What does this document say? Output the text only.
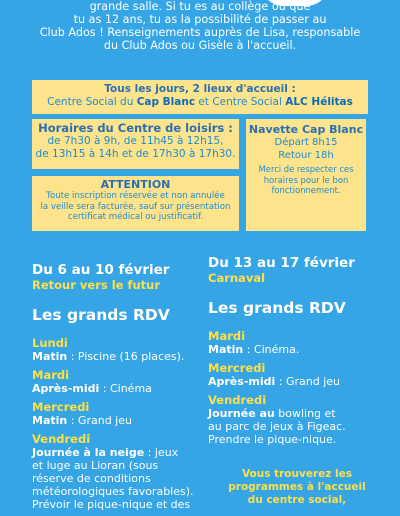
grande salle. Si tu es au collège ou que
tu as 12 ans, tu as la possibilité de passer au
Club Ados ! Renseignements auprès de Lisa, responsable
du Club Ados ou Gisèle à l'accueil.
Tous les jours, 2 lieux d'accueil :
Centre Social du Cap Blanc et Centre Social ALC Hélitas
Horaires du Centre de loisirs :
de 7h30 à 9h, de 11h45 à 12h15,
de 13h15 à 14h et de 17h30 à 17h30.
ATTENTION
Toute inscription réservée et non annulée
la veille sera facturée, sauf sur présentation
certificat médical ou justificatif.
Navette Cap Blanc
Départ 8h15
Retour 18h
Merci de respecter ces
horaires pour le bon
fonctionnement.
Du 6 au 10 février
Retour vers le futur
Les grands RDV
Lundi
Matin : Piscine (16 places).
Mardi
Après-midi : Cinéma
Mercredi
Matin : Grand jeu
Vendredi
Journée à la neige : jeux
et luge au Lioran (sous
réserve de conditions
météorologiques favorables).
Prévoir le pique-nique et des
Du 13 au 17 février
Carnaval
Les grands RDV
Mardi
Matin : Cinéma.
Mercredi
Après-midi : Grand jeu
Vendredi
Journée au bowling et
au parc de jeux à Figeac.
Prendre le pique-nique.
Vous trouverez les
programmes à l'accueil
du centre social,
